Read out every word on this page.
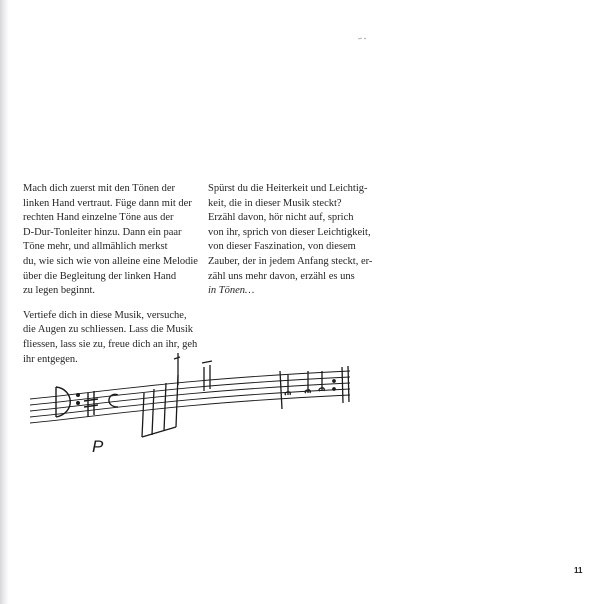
Mach dich zuerst mit den Tönen der
linken Hand vertraut. Füge dann mit der
rechten Hand einzelne Töne aus der
D-Dur-Tonleiter hinzu. Dann ein paar
Töne mehr, und allmählich merkst
du, wie sich wie von alleine eine Melodie
über die Begleitung der linken Hand
zu legen beginnt.

Vertiefe dich in diese Musik, versuche,
die Augen zu schliessen. Lass die Musik
fliessen, lass sie zu, freue dich an ihr, geh
ihr entgegen.

Spürst du die Heiterkeit und Leichtig-
keit, die in dieser Musik steckt?
Erzähl davon, hör nicht auf, sprich
von ihr, sprich von dieser Leichtigkeit,
von dieser Faszination, von diesem
Zauber, der in jedem Anfang steckt, er-
zähl uns mehr davon, erzähl es uns

in Tönen…
P
11
